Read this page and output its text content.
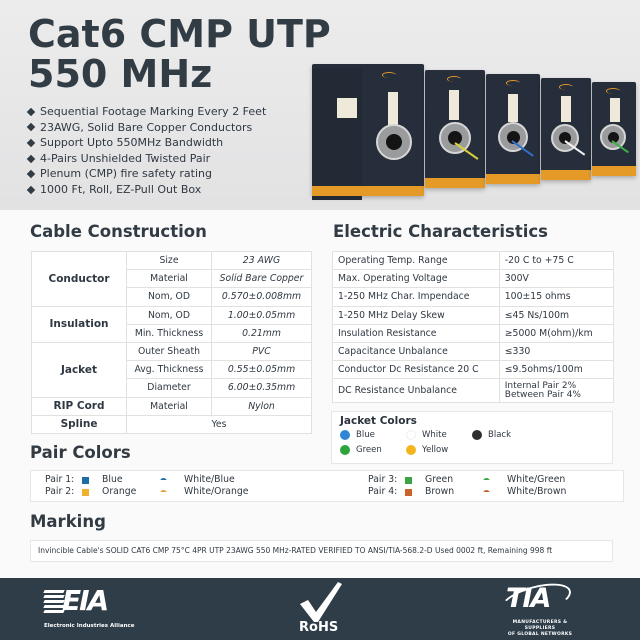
Cat6 CMP UTP
550 MHz
Sequential Footage Marking Every 2 Feet
23AWG, Solid Bare Copper Conductors
Support Upto 550MHz Bandwidth
4-Pairs Unshielded Twisted Pair
Plenum (CMP) fire safety rating
1000 Ft, Roll, EZ-Pull Out Box
Cable Construction
Conductor	Size	23 AWG
	Material	Solid Bare Copper
	Nom, OD	0.570±0.008mm
Insulation	Nom, OD	1.00±0.05mm
	Min. Thickness	0.21mm
Jacket	Outer Sheath	PVC
	Avg. Thickness	0.55±0.05mm
	Diameter	6.00±0.35mm
RIP Cord	Material	Nylon
Spline	Yes	
Electric Characteristics
Operating Temp. Range	-20 C to +75 C
Max. Operating Voltage	300V
1-250 MHz Char. Impendace	100±15 ohms
1-250 MHz Delay Skew	≤45 Ns/100m
Insulation Resistance	≥5000 M(ohm)/km
Capacitance Unbalance	≤330
Conductor Dc Resistance 20 C	≤9.5ohms/100m
DC Resistance Unbalance	Internal Pair 2%
Between Pair 4%
Jacket Colors
Blue	White	Black
Green	Yellow
Pair Colors
Pair 1:	Blue	White/Blue
Pair 2:	Orange	White/Orange
Pair 3:	Green	White/Green
Pair 4:	Brown	White/Brown
Marking
Invincible Cable's SOLID CAT6 CMP 75°C 4PR UTP 23AWG 550 MHz-RATED VERIFIED TO ANSI/TIA-568.2-D Used 0002 ft, Remaining 998 ft
EIA
Electronic Industries Alliance	RoHS
TIA
MANUFACTURERS & SUPPLIERS
OF GLOBAL NETWORKS
